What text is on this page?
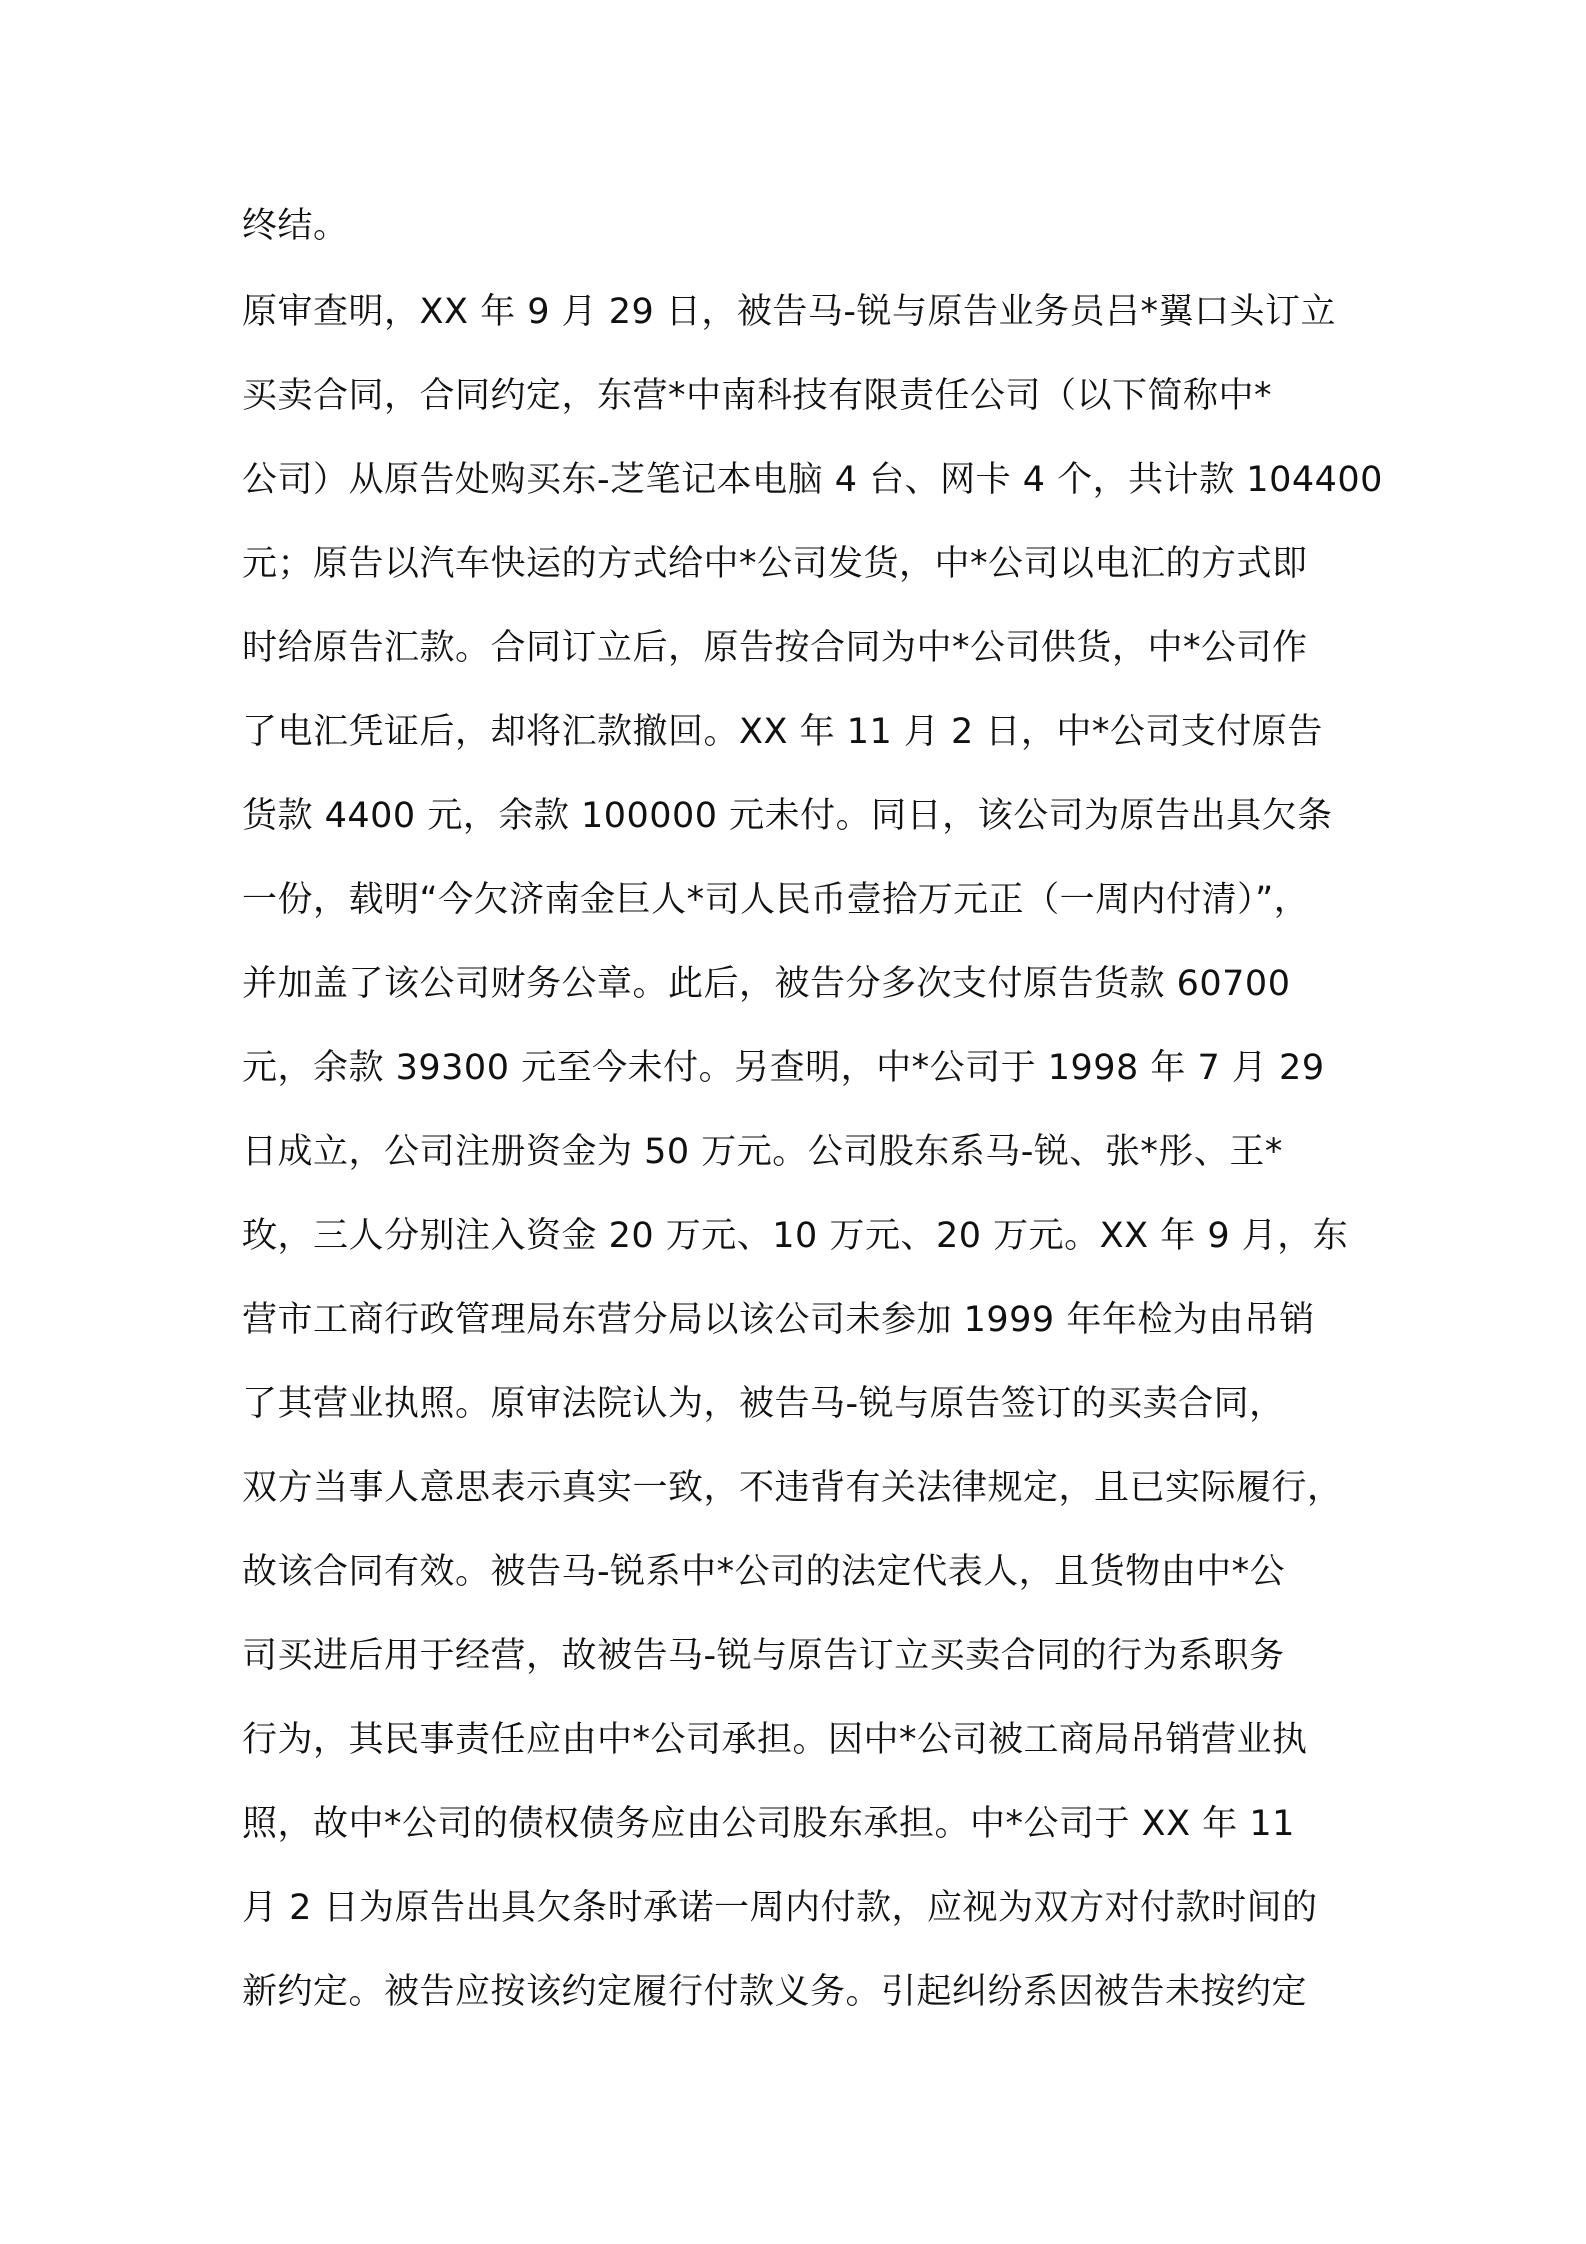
终结。
原审查明，XX 年 9 月 29 日，被告马-锐与原告业务员吕*翼口头订立
买卖合同，合同约定，东营*中南科技有限责任公司（以下简称中*
公司）从原告处购买东-芝笔记本电脑 4 台、网卡 4 个，共计款 104400
元；原告以汽车快运的方式给中*公司发货，中*公司以电汇的方式即
时给原告汇款。合同订立后，原告按合同为中*公司供货，中*公司作
了电汇凭证后，却将汇款撤回。XX 年 11 月 2 日，中*公司支付原告
货款 4400 元，余款 100000 元未付。同日，该公司为原告出具欠条
一份，载明“今欠济南金巨人*司人民币壹拾万元正（一周内付清）”，
并加盖了该公司财务公章。此后，被告分多次支付原告货款 60700
元，余款 39300 元至今未付。另查明，中*公司于 1998 年 7 月 29
日成立，公司注册资金为 50 万元。公司股东系马-锐、张*彤、王*
玫，三人分别注入资金 20 万元、10 万元、20 万元。XX 年 9 月，东
营市工商行政管理局东营分局以该公司未参加 1999 年年检为由吊销
了其营业执照。原审法院认为，被告马-锐与原告签订的买卖合同，
双方当事人意思表示真实一致，不违背有关法律规定，且已实际履行，
故该合同有效。被告马-锐系中*公司的法定代表人，且货物由中*公
司买进后用于经营，故被告马-锐与原告订立买卖合同的行为系职务
行为，其民事责任应由中*公司承担。因中*公司被工商局吊销营业执
照，故中*公司的债权债务应由公司股东承担。中*公司于 XX 年 11
月 2 日为原告出具欠条时承诺一周内付款，应视为双方对付款时间的
新约定。被告应按该约定履行付款义务。引起纠纷系因被告未按约定
